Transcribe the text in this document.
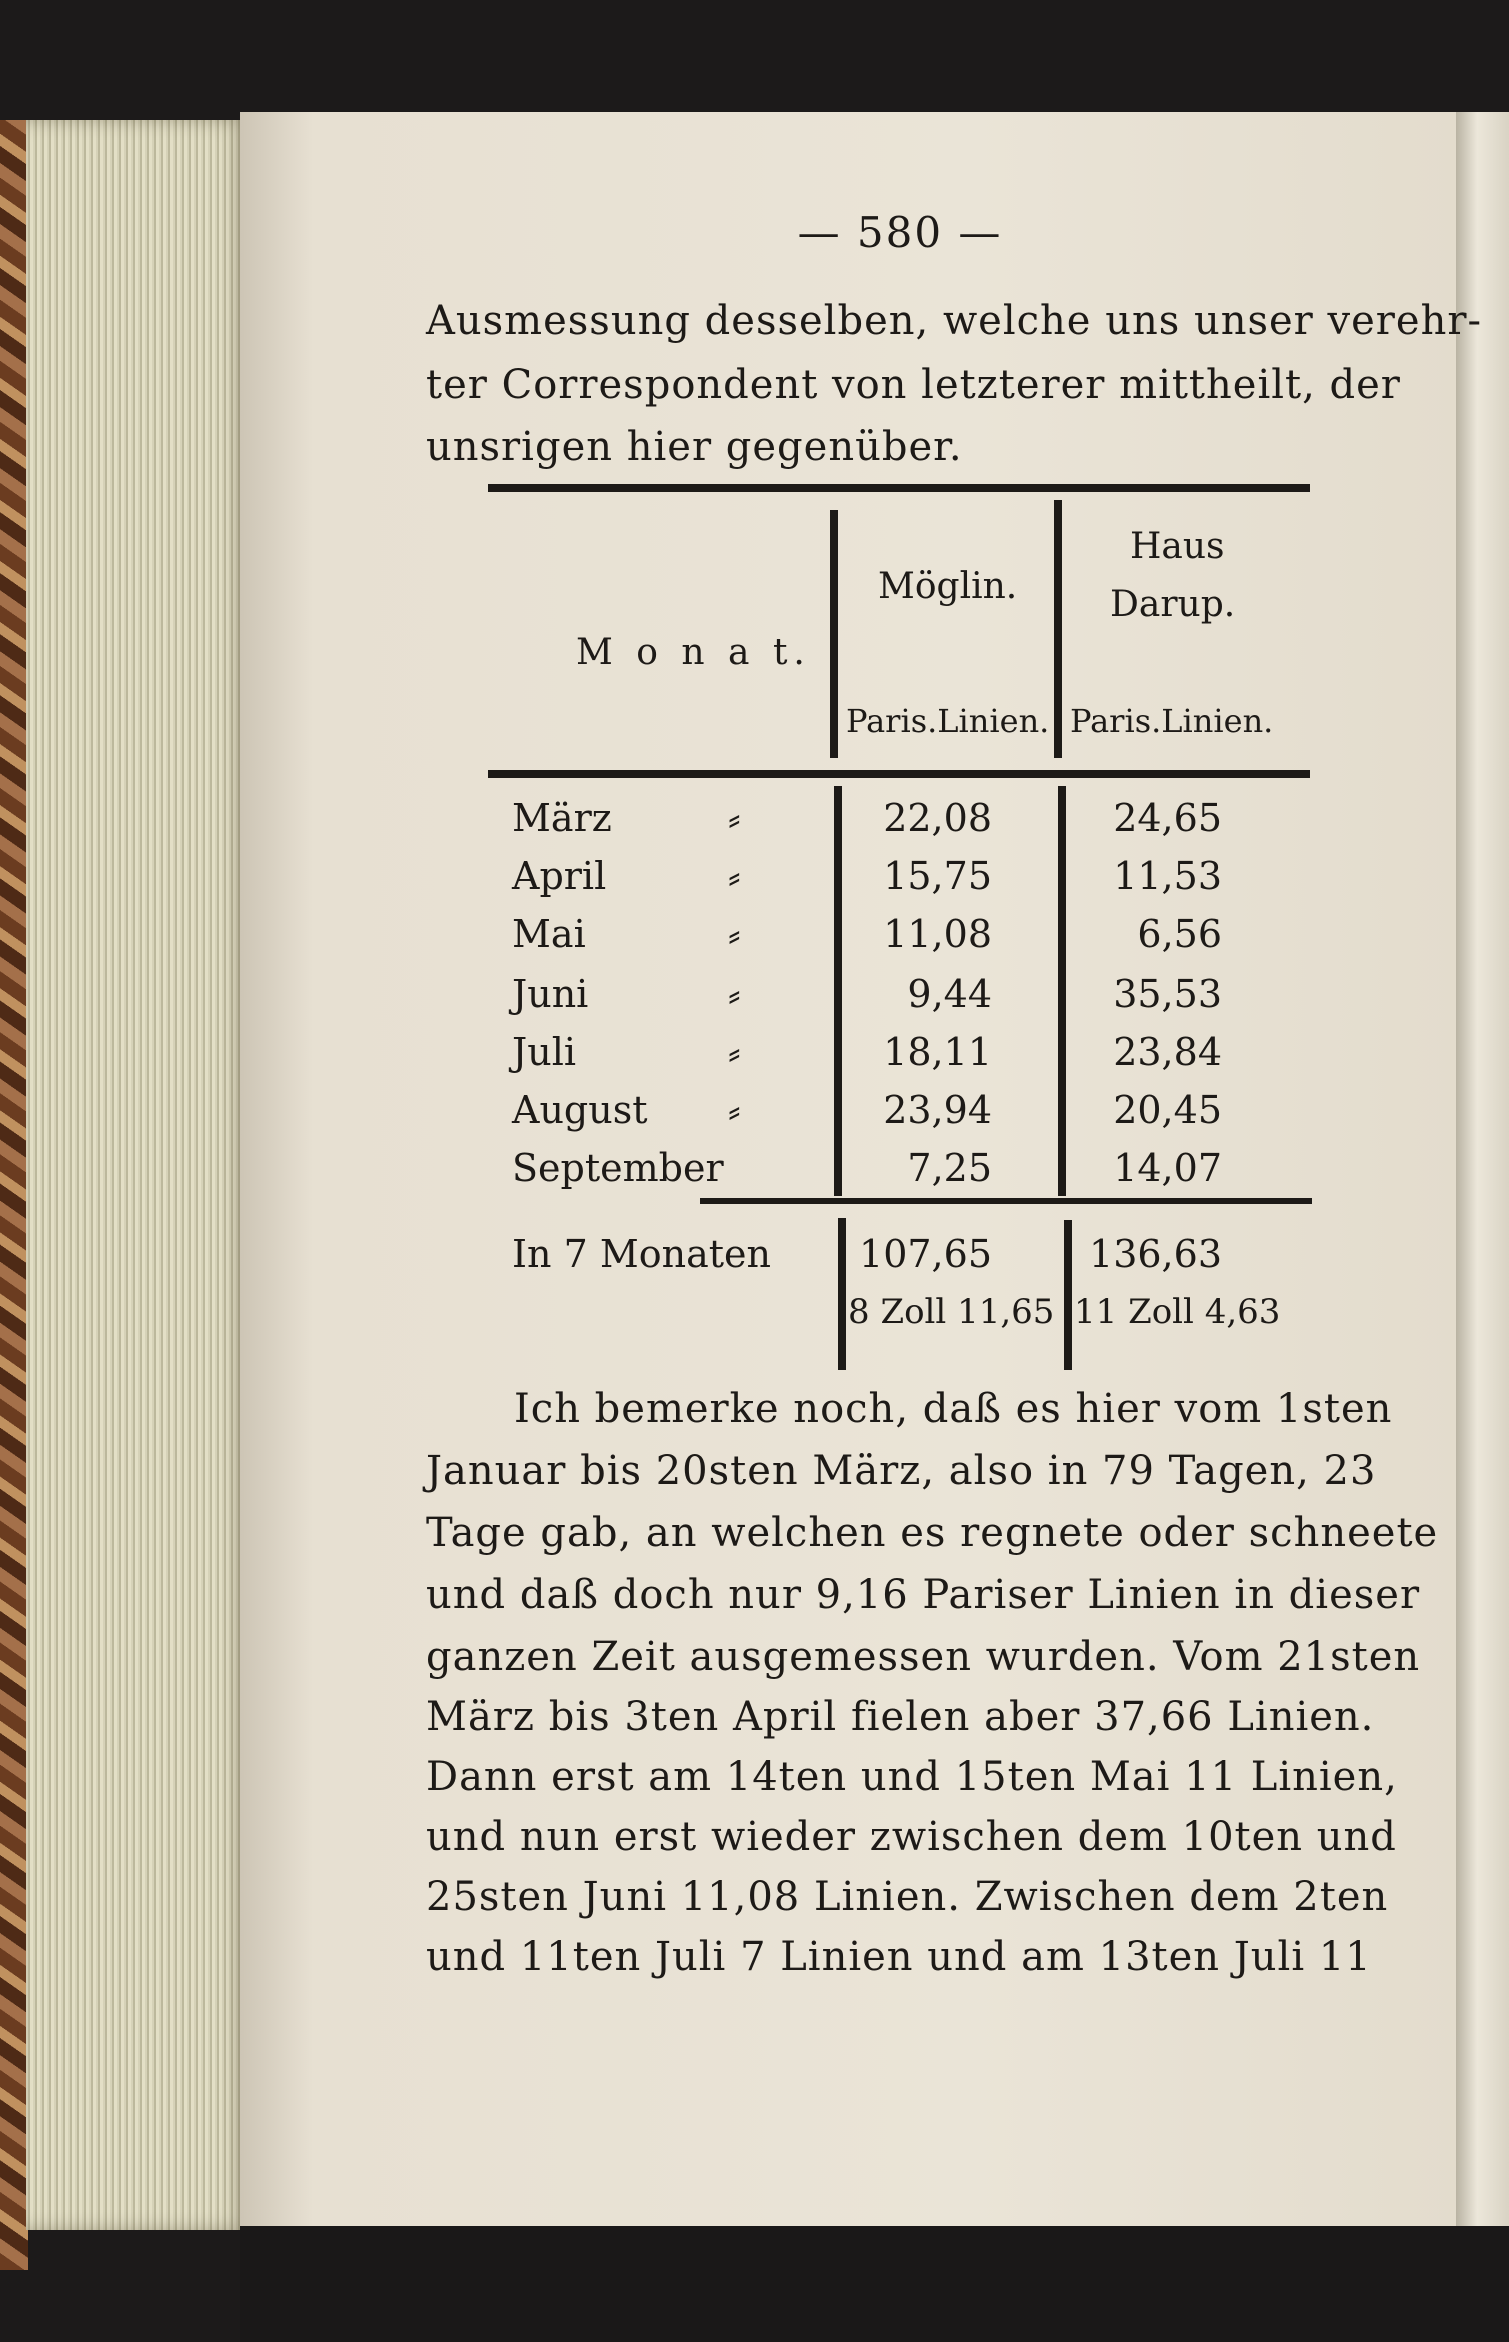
— 580 —
Ausmessung desselben, welche uns unser verehr-
ter Correspondent von letzterer mittheilt, der
unsrigen hier gegenüber.
M o n a t.
Möglin.
Paris.Linien.
Haus
Darup.
Paris.Linien.
März	⸗	22,08	24,65
April	⸗	15,75	11,53
Mai	⸗	11,08	6,56
Juni	⸗	9,44	35,53
Juli	⸗	18,11	23,84
August ⸗	23,94	20,45
September	7,25	14,07
In 7 Monaten 107,65	136,63
8 Zoll 11,65 11 Zoll 4,63
Ich bemerke noch, daß es hier vom 1sten
Januar bis 20sten März, also in 79 Tagen, 23
Tage gab, an welchen es regnete oder schneete
und daß doch nur 9,16 Pariser Linien in dieser
ganzen Zeit ausgemessen wurden. Vom 21sten
März bis 3ten April fielen aber 37,66 Linien.
Dann erst am 14ten und 15ten Mai 11 Linien,
und nun erst wieder zwischen dem 10ten und
25sten Juni 11,08 Linien. Zwischen dem 2ten
und 11ten Juli 7 Linien und am 13ten Juli 11
